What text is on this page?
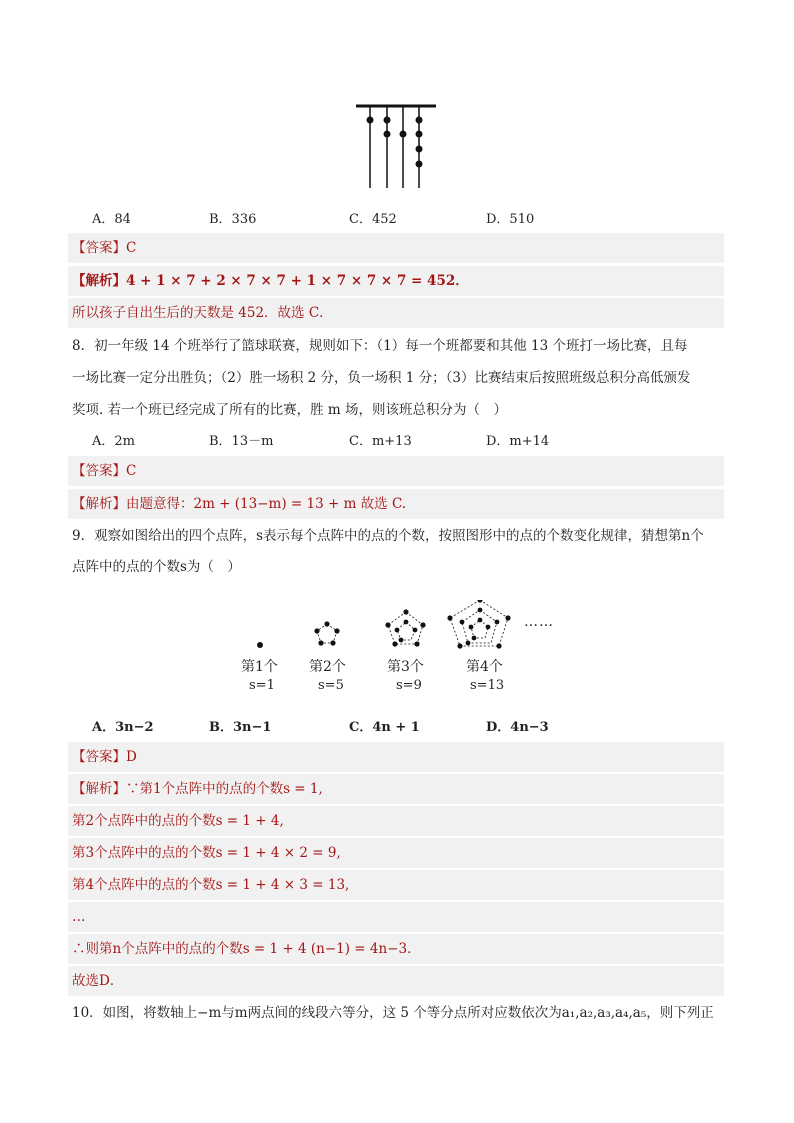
A．84	B．336	C．452	D．510
【答案】C
【解析】4 + 1 × 7 + 2 × 7 × 7 + 1 × 7 × 7 × 7 = 452．
所以孩子自出生后的天数是 452．故选 C．
8．初一年级 14 个班举行了篮球联赛，规则如下：（1）每一个班都要和其他 13 个班打一场比赛，且每
一场比赛一定分出胜负；（2）胜一场积 2 分，负一场积 1 分；（3）比赛结束后按照班级总积分高低颁发
奖项. 若一个班已经完成了所有的比赛，胜 m 场，则该班总积分为（　）
A．2m	B．13－m	C．m+13	D．m+14
【答案】C
【解析】由题意得：2m + (13−m) = 13 + m 故选 C.
9．观察如图给出的四个点阵，s表示每个点阵中的点的个数，按照图形中的点的个数变化规律，猜想第n个
点阵中的点的个数s为（　）
……
第1个 第2个	第3个	第4个
s=1	s=5	s=9	s=13
A．3n−2	B．3n−1	C．4n + 1	D．4n−3
【答案】D
【解析】∵第1个点阵中的点的个数s = 1,
第2个点阵中的点的个数s = 1 + 4,
第3个点阵中的点的个数s = 1 + 4 × 2 = 9,
第4个点阵中的点的个数s = 1 + 4 × 3 = 13,
…
∴则第n个点阵中的点的个数s = 1 + 4 (n−1) = 4n−3．
故选D．
10．如图，将数轴上−m与m两点间的线段六等分，这 5 个等分点所对应数依次为a₁,a₂,a₃,a₄,a₅，则下列正
